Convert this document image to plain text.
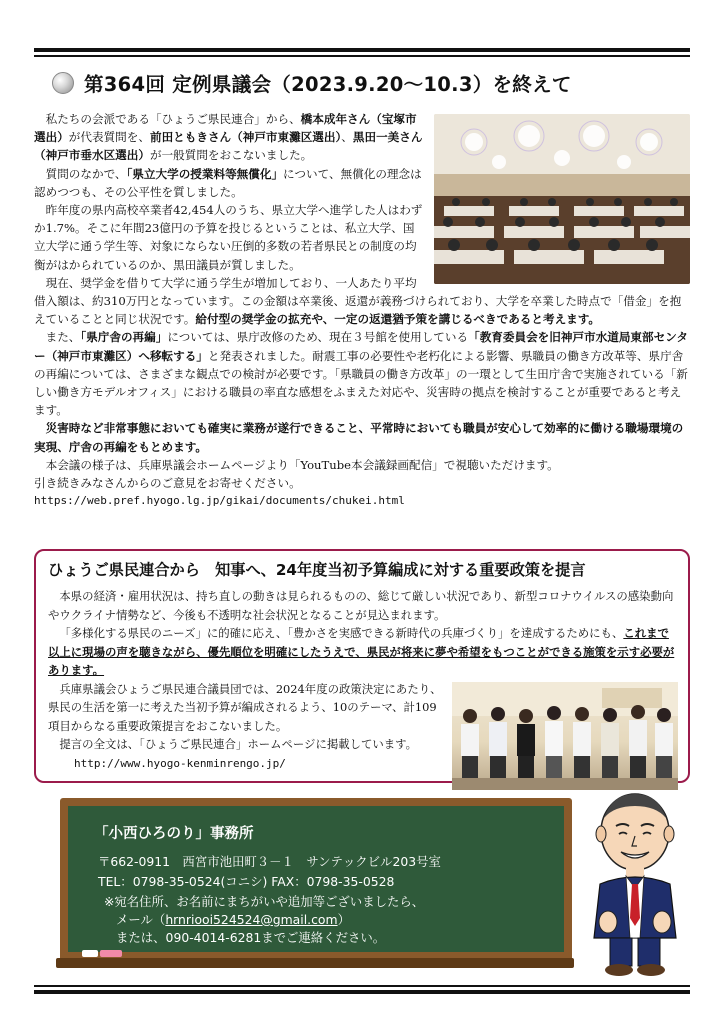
第364回 定例県議会（2023.9.20〜10.3）を終えて

私たちの会派である「ひょうご県民連合」から、橋本成年さん（宝塚市選出）が代表質問を、前田ともきさん（神戸市東灘区選出）、黒田一美さん（神戸市垂水区選出）が一般質問をおこないました。

質問のなかで、「県立大学の授業料等無償化」について、無償化の理念は認めつつも、その公平性を質しました。

昨年度の県内高校卒業者42,454人のうち、県立大学へ進学した人はわずか1.7%。そこに年間23億円の予算を投じるということは、私立大学、国立大学に通う学生等、対象にならない圧倒的多数の若者県民との制度の均衡がはかられているのか、黒田議員が質しました。

現在、奨学金を借りて大学に通う学生が増加しており、一人あたり平均借入額は、約310万円となっています。この金額は卒業後、返還が義務づけられており、大学を卒業した時点で「借金」を抱えていることと同じ状況です。給付型の奨学金の拡充や、一定の返還猶予策を講じるべきであると考えます。

また、「県庁舎の再編」については、県庁改修のため、現在３号館を使用している「教育委員会を旧神戸市水道局東部センター（神戸市東灘区）へ移転する」と発表されました。耐震工事の必要性や老朽化による影響、県職員の働き方改革等、県庁舎の再編については、さまざまな観点での検討が必要です。「県職員の働き方改革」の一環として生田庁舎で実施されている「新しい働き方モデルオフィス」における職員の率直な感想をふまえた対応や、災害時の拠点を検討することが重要であると考えます。

災害時など非常事態においても確実に業務が遂行できること、平常時においても職員が安心して効率的に働ける職場環境の実現、庁舎の再編をもとめます。

本会議の様子は、兵庫県議会ホームページより「YouTube本会議録画配信」で視聴いただけます。

引き続きみなさんからのご意見をお寄せください。
https://web.pref.hyogo.lg.jp/gikai/documents/chukei.html
ひょうご県民連合から　知事へ、24年度当初予算編成に対する重要政策を提言

本県の経済・雇用状況は、持ち直しの動きは見られるものの、総じて厳しい状況であり、新型コロナウイルスの感染動向やウクライナ情勢など、今後も不透明な社会状況となることが見込まれます。

「多様化する県民のニーズ」に的確に応え、「豊かさを実感できる新時代の兵庫づくり」を達成するためにも、これまで以上に現場の声を聴きながら、優先順位を明確にしたうえで、県民が将来に夢や希望をもつことができる施策を示す必要があります。

兵庫県議会ひょうご県民連合議員団では、2024年度の政策決定にあたり、県民の生活を第一に考えた当初予算が編成されるよう、10のテーマ、計109項目からなる重要政策提言をおこないました。

提言の全文は、「ひょうご県民連合」ホームページに掲載しています。http://www.hyogo-kenminrengo.jp/

「小西ひろのり」事務所
〒662-0911　西宮市池田町３－１　サンテックビル203号室
TEL：0798-35-0524(コニシ) FAX：0798-35-0528
※宛名住所、お名前にまちがいや追加等ございましたら、
メール（hrnriooi524524@gmail.com）
または、090-4014-6281までご連絡ください。
